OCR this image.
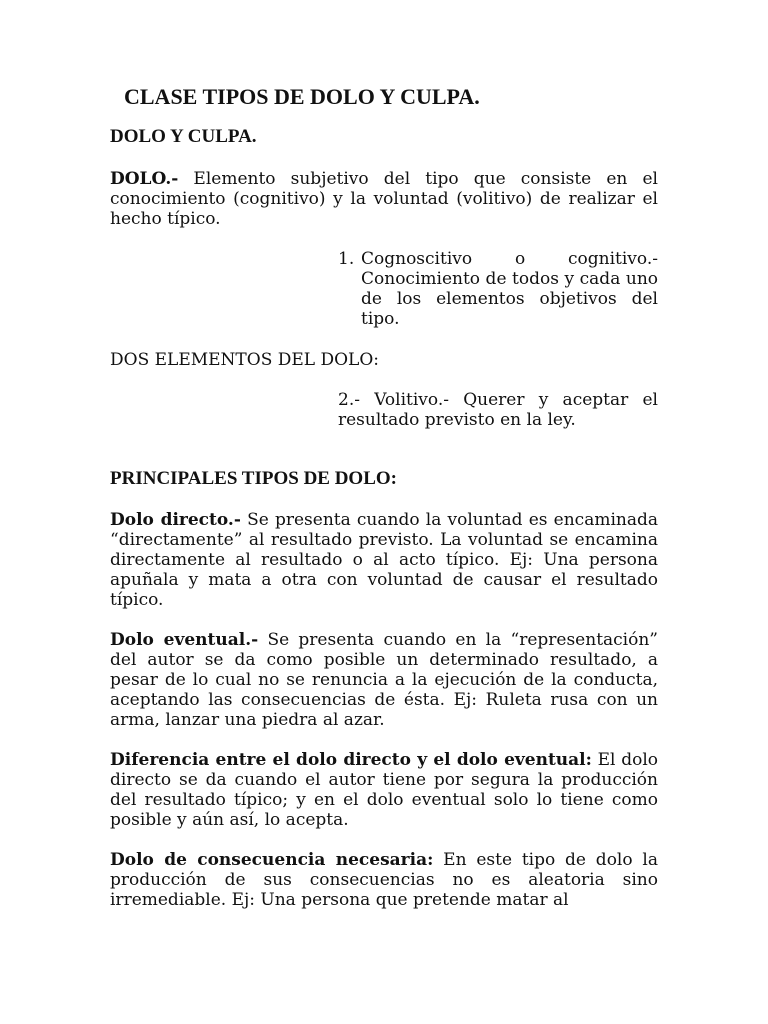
CLASE TIPOS DE DOLO Y CULPA.

DOLO Y CULPA.

DOLO.- Elemento subjetivo del tipo que consiste en el conocimiento (cognitivo) y la voluntad (volitivo) de realizar el hecho típico.

1. Cognoscitivo o cognitivo.- Conocimiento de todos y cada uno de los elementos objetivos del tipo.

DOS ELEMENTOS DEL DOLO:

2.- Volitivo.- Querer y aceptar el resultado previsto en la ley.

PRINCIPALES TIPOS DE DOLO:

Dolo directo.- Se presenta cuando la voluntad es encaminada “directamente” al resultado previsto. La voluntad se encamina directamente al resultado o al acto típico. Ej: Una persona apuñala y mata a otra con voluntad de causar el resultado típico.

Dolo eventual.- Se presenta cuando en la “representación” del autor se da como posible un determinado resultado, a pesar de lo cual no se renuncia a la ejecución de la conducta, aceptando las consecuencias de ésta. Ej: Ruleta rusa con un arma, lanzar una piedra al azar.

Diferencia entre el dolo directo y el dolo eventual: El dolo directo se da cuando el autor tiene por segura la producción del resultado típico; y en el dolo eventual solo lo tiene como posible y aún así, lo acepta.

Dolo de consecuencia necesaria: En este tipo de dolo la producción de sus consecuencias no es aleatoria sino irremediable. Ej: Una persona que pretende matar al
